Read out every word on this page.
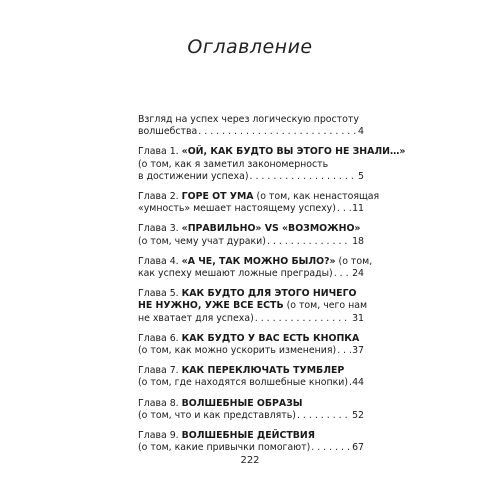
Оглавление
Взгляд на успех через логическую простоту
волшебства . . .	4
Глава 1. «ОЙ, КАК БУДТО ВЫ ЭТОГО НЕ ЗНАЛИ…»
(о том, как я заметил закономерность
в достижении успеха) . . .	5
Глава 2. ГОРЕ ОТ УМА (о том, как ненастоящая
«умность» мешает настоящему успеху) . . . 11
Глава 3. «ПРАВИЛЬНО» VS «ВОЗМОЖНО»
(о том, чему учат дураки) . . .	18
Глава 4. «А ЧЕ, ТАК МОЖНО БЫЛО?» (о том,
как успеху мешают ложные преграды) . . . 24
Глава 5. КАК БУДТО ДЛЯ ЭТОГО НИЧЕГО
НЕ НУЖНО, УЖЕ ВСЕ ЕСТЬ (о том, чего нам
не хватает для успеха) . . .	31
Глава 6. КАК БУДТО У ВАС ЕСТЬ КНОПКА
(о том, как можно ускорить изменения) . . . 37
Глава 7. КАК ПЕРЕКЛЮЧАТЬ ТУМБЛЕР
(о том, где находятся волшебные кнопки) . . . 44
Глава 8. ВОЛШЕБНЫЕ ОБРАЗЫ
(о том, что и как представлять) . . .	52
Глава 9. ВОЛШЕБНЫЕ ДЕЙСТВИЯ
(о том, какие привычки помогают) . . .	67
222
